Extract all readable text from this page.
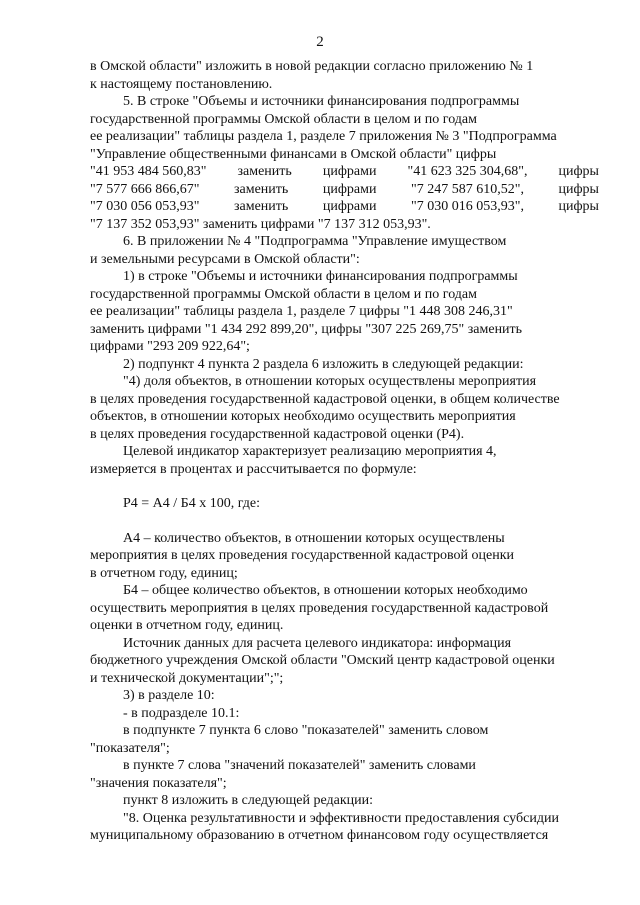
2
в Омской области" изложить в новой редакции согласно приложению № 1
к настоящему постановлению.
5. В строке "Объемы и источники финансирования подпрограммы
государственной программы Омской области в целом и по годам
ее реализации" таблицы раздела 1, разделе 7 приложения № 3 "Подпрограмма
"Управление общественными финансами в Омской области" цифры
"41 953 484 560,83" заменить цифрами "41 623 325 304,68", цифры
"7 577 666 866,67" заменить цифрами "7 247 587 610,52", цифры
"7 030 056 053,93" заменить цифрами "7 030 016 053,93", цифры
"7 137 352 053,93" заменить цифрами "7 137 312 053,93".
6. В приложении № 4 "Подпрограмма "Управление имуществом
и земельными ресурсами в Омской области":
1) в строке "Объемы и источники финансирования подпрограммы
государственной программы Омской области в целом и по годам
ее реализации" таблицы раздела 1, разделе 7 цифры "1 448 308 246,31"
заменить цифрами "1 434 292 899,20", цифры "307 225 269,75" заменить
цифрами "293 209 922,64";
2) подпункт 4 пункта 2 раздела 6 изложить в следующей редакции:
"4) доля объектов, в отношении которых осуществлены мероприятия
в целях проведения государственной кадастровой оценки, в общем количестве
объектов, в отношении которых необходимо осуществить мероприятия
в целях проведения государственной кадастровой оценки (Р4).
Целевой индикатор характеризует реализацию мероприятия 4,
измеряется в процентах и рассчитывается по формуле:
Р4 = А4 / Б4 х 100, где:
А4 – количество объектов, в отношении которых осуществлены
мероприятия в целях проведения государственной кадастровой оценки
в отчетном году, единиц;
Б4 – общее количество объектов, в отношении которых необходимо
осуществить мероприятия в целях проведения государственной кадастровой
оценки в отчетном году, единиц.
Источник данных для расчета целевого индикатора: информация
бюджетного учреждения Омской области "Омский центр кадастровой оценки
и технической документации";";
3) в разделе 10:
- в подразделе 10.1:
в подпункте 7 пункта 6 слово "показателей" заменить словом
"показателя";
в пункте 7 слова "значений показателей" заменить словами
"значения показателя";
пункт 8 изложить в следующей редакции:
"8. Оценка результативности и эффективности предоставления субсидии
муниципальному образованию в отчетном финансовом году осуществляется
